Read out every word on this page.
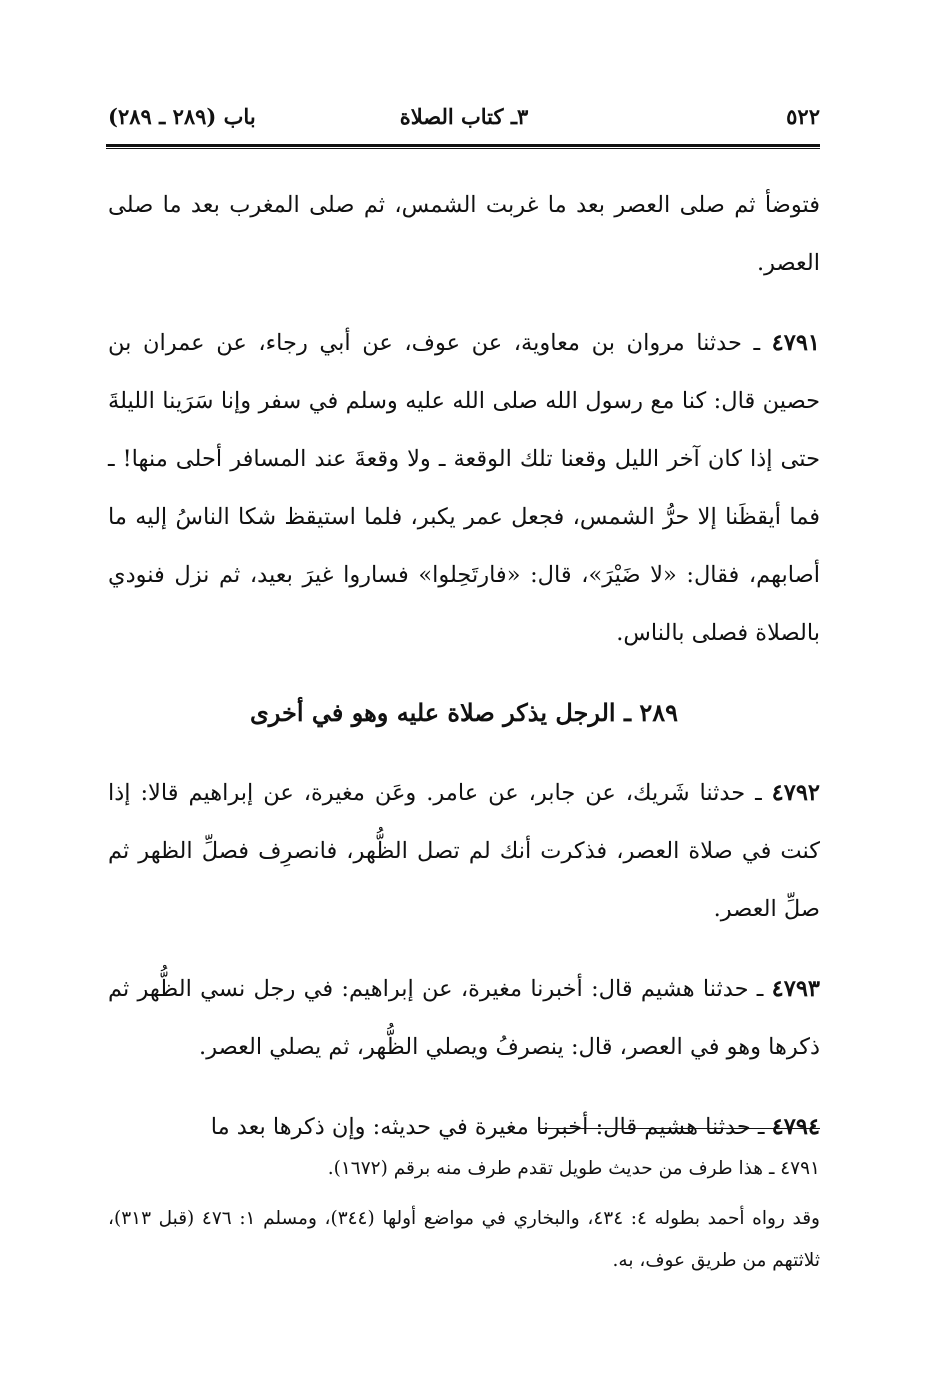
٥٢٢
٣ـ كتاب الصلاة
باب (٢٨٩ ـ ٢٨٩)

فتوضأ ثم صلى العصر بعد ما غربت الشمس، ثم صلى المغرب بعد ما صلى العصر.

٤٧٩١ ـ حدثنا مروان بن معاوية، عن عوف، عن أبي رجاء، عن عمران بن حصين قال: كنا مع رسول الله صلى الله عليه وسلم في سفر وإنا سَرَينا الليلةَ حتى إذا كان آخر الليل وقعنا تلك الوقعة ـ ولا وقعةَ عند المسافر أحلى منها! ـ فما أيقظَنا إلا حرُّ الشمس، فجعل عمر يكبر، فلما استيقظ شكا الناسُ إليه ما أصابهم، فقال: «لا ضَيْرَ»، قال: «فارتَحِلوا» فساروا غيرَ بعيد، ثم نزل فنودي بالصلاة فصلى بالناس.

٢٨٩ ـ الرجل يذكر صلاة عليه وهو في أخرى

٤٧٩٢ ـ حدثنا شَريك، عن جابر، عن عامر. وعَن مغيرة، عن إبراهيم قالا: إذا كنت في صلاة العصر، فذكرت أنك لم تصل الظُّهر، فانصرِف فصلِّ الظهر ثم صلِّ العصر.

٤٧٩٣ ـ حدثنا هشيم قال: أخبرنا مغيرة، عن إبراهيم: في رجل نسي الظُّهر ثم ذكرها وهو في العصر، قال: ينصرفُ ويصلي الظُّهر، ثم يصلي العصر.

٤٧٩٤ ـ حدثنا هشيم قال: أخبرنا مغيرة في حديثه: وإن ذكرها بعد ما

٤٧٩١ ـ هذا طرف من حديث طويل تقدم طرف منه برقم (١٦٧٢).

وقد رواه أحمد بطوله ٤: ٤٣٤، والبخاري في مواضع أولها (٣٤٤)، ومسلم ١: ٤٧٦ (قبل ٣١٣)، ثلاثتهم من طريق عوف، به.
